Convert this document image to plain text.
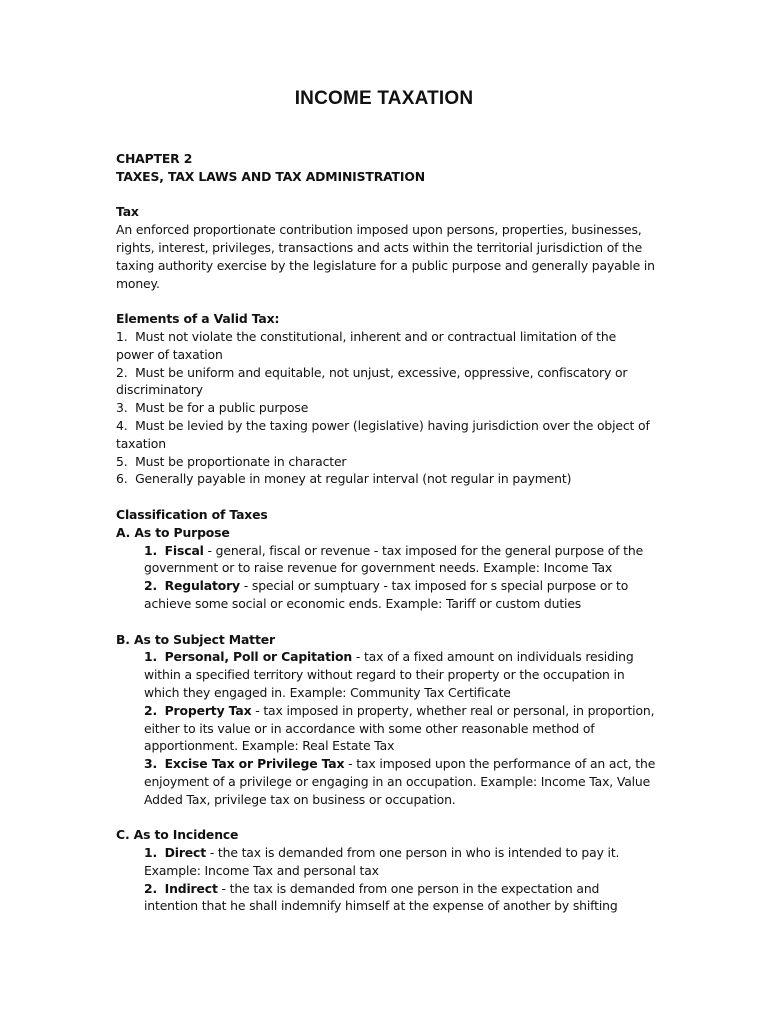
INCOME TAXATION
CHAPTER 2
TAXES, TAX LAWS AND TAX ADMINISTRATION
Tax

An enforced proportionate contribution imposed upon persons, properties, businesses, rights, interest, privileges, transactions and acts within the territorial jurisdiction of the taxing authority exercise by the legislature for a public purpose and generally payable in money.

Elements of a Valid Tax:

1. Must not violate the constitutional, inherent and or contractual limitation of the power of taxation

2. Must be uniform and equitable, not unjust, excessive, oppressive, confiscatory or discriminatory

3. Must be for a public purpose

4. Must be levied by the taxing power (legislative) having jurisdiction over the object of taxation

5. Must be proportionate in character

6. Generally payable in money at regular interval (not regular in payment)

Classification of Taxes
A. As to Purpose

1. Fiscal - general, fiscal or revenue - tax imposed for the general purpose of the government or to raise revenue for government needs. Example: Income Tax

2. Regulatory - special or sumptuary - tax imposed for s special purpose or to achieve some social or economic ends. Example: Tariff or custom duties

B. As to Subject Matter

1. Personal, Poll or Capitation - tax of a fixed amount on individuals residing within a specified territory without regard to their property or the occupation in which they engaged in. Example: Community Tax Certificate

2. Property Tax - tax imposed in property, whether real or personal, in proportion, either to its value or in accordance with some other reasonable method of apportionment. Example: Real Estate Tax

3. Excise Tax or Privilege Tax - tax imposed upon the performance of an act, the enjoyment of a privilege or engaging in an occupation. Example: Income Tax, Value Added Tax, privilege tax on business or occupation.

C. As to Incidence

1. Direct - the tax is demanded from one person in who is intended to pay it. Example: Income Tax and personal tax

2. Indirect - the tax is demanded from one person in the expectation and intention that he shall indemnify himself at the expense of another by shifting
